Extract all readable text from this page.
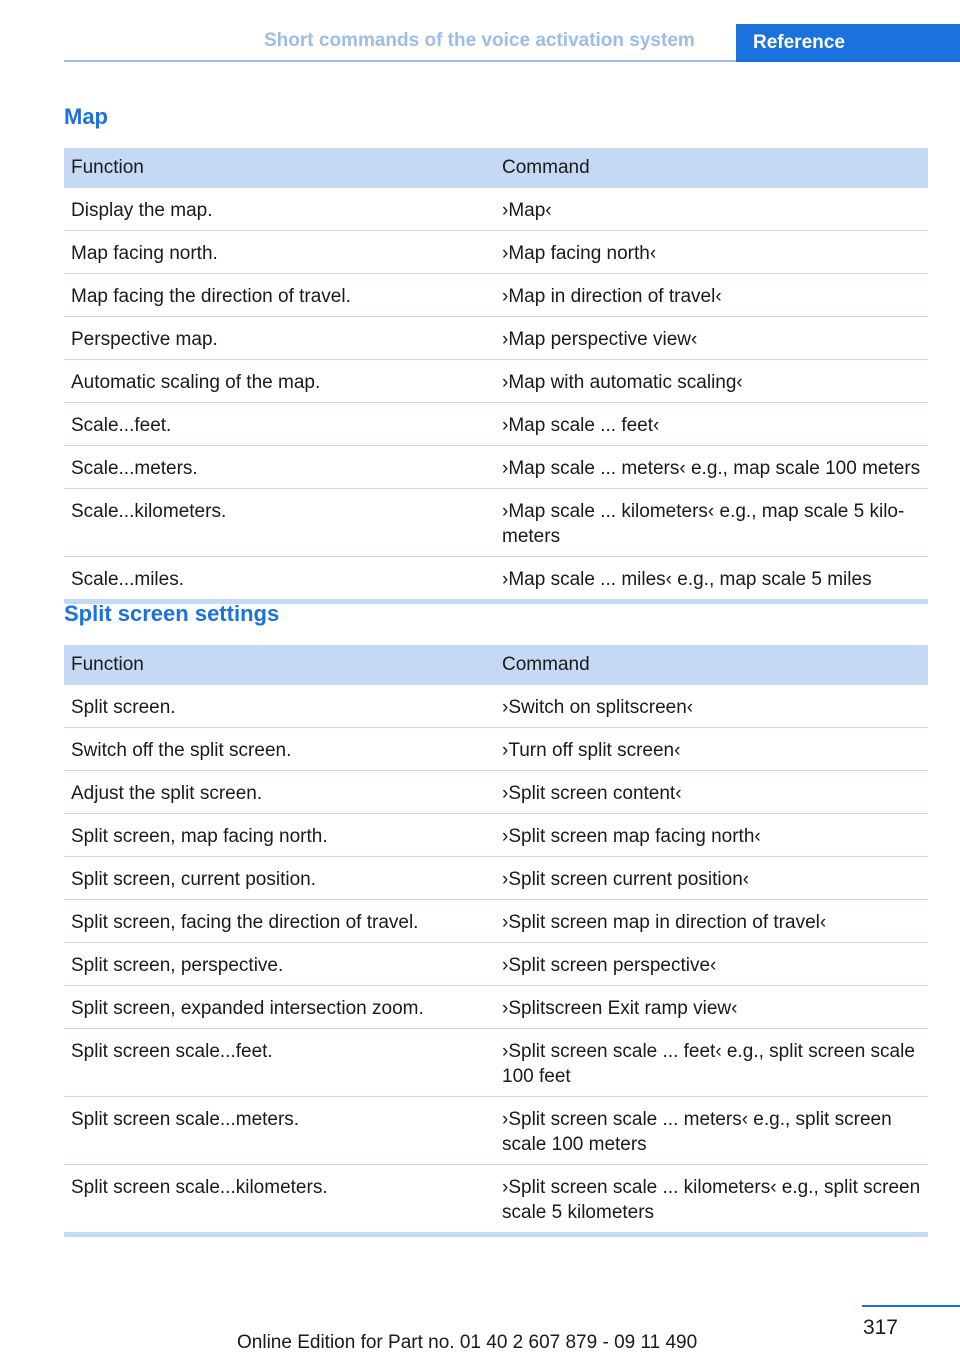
Short commands of the voice activation system	Reference
Map
Function	Command
Display the map.	›Map‹
Map facing north.	›Map facing north‹
Map facing the direction of travel.	›Map in direction of travel‹
Perspective map.	›Map perspective view‹
Automatic scaling of the map.	›Map with automatic scaling‹
Scale...feet.	›Map scale ... feet‹
Scale...meters.	›Map scale ... meters‹ e.g., map scale 100 meters
Scale...kilometers.	›Map scale ... kilometers‹ e.g., map scale 5 kilo-meters
Scale...miles.	›Map scale ... miles‹ e.g., map scale 5 miles
Split screen settings
Function	Command
Split screen.	›Switch on splitscreen‹
Switch off the split screen.	›Turn off split screen‹
Adjust the split screen.	›Split screen content‹
Split screen, map facing north.	›Split screen map facing north‹
Split screen, current position.	›Split screen current position‹
Split screen, facing the direction of travel.	›Split screen map in direction of travel‹
Split screen, perspective.	›Split screen perspective‹
Split screen, expanded intersection zoom.	›Splitscreen Exit ramp view‹
Split screen scale...feet.	›Split screen scale ... feet‹ e.g., split screen scale 100 feet
Split screen scale...meters.	›Split screen scale ... meters‹ e.g., split screen scale 100 meters
Split screen scale...kilometers.	›Split screen scale ... kilometers‹ e.g., split screen scale 5 kilometers
317
Online Edition for Part no. 01 40 2 607 879 - 09 11 490
